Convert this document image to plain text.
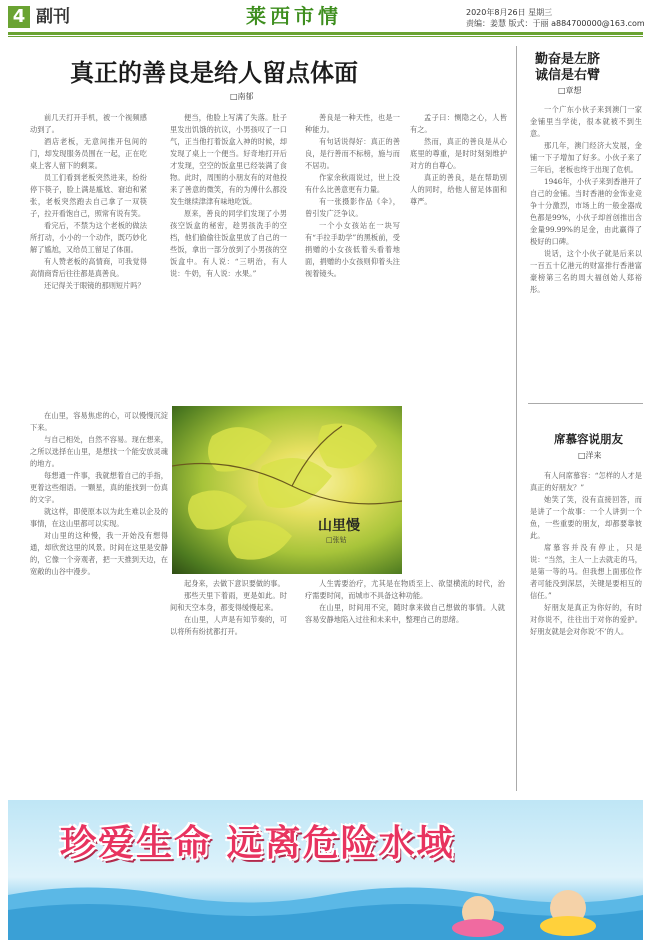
4 副刊	莱西市情	2020年8月26日 星期三
责编：姜慧 版式：于丽 a884700000@163.com
真正的善良是给人留点体面
□南郁

前几天打开手机，被一个视频感动到了。

酒店老板，无意间推开包间的门，却发现服务员围在一起，正在吃桌上客人留下的剩菜。

员工们看到老板突然进来，纷纷停下筷子，脸上满是尴尬、窘迫和紧张，老板突然跑去自己拿了一双筷子，拉开看饱自己，照常有说有笑。

看完后，不禁为这个老板的做法所打动，小小的一个动作，既巧妙化解了尴尬，又给员工留足了体面。

有人赞老板的高情商，可我觉得高情商背后往往都是真善良。

还记得关于眼镜的那则短片吗？

便当，他脸上写满了失落。肚子里发出饥饿的抗议，小男孩叹了一口气，正当他打着饭盒入神的时候，却发现了桌上一个便当。好奇地打开后才发现，空空的饭盒里已经装满了食物。此时，周围的小朋友有的对他投来了善意的微笑，有的为傅什么都没发生继续津津有味地吃饭。

原来，善良的同学们发现了小男孩空饭盒的秘密，趁男孩洗手的空档，他们偷偷往饭盒里放了自己的一些饭，拿出一部分放到了小男孩的空饭盒中。有人说：“三明治，有人说：牛奶，有人说：水果。”

善良是一种天性，也是一种能力。

有句话说得好：真正的善良，是行善而不标榜，施与而不居功。

作家余秋雨说过，世上没有什么比善意更有力量。

有一张摄影作品《伞》，曾引发广泛争议。

一个小女孩站在一块写有“手拉手助学”的黑板前，受捐赠的小女孩低着头看着地面，捐赠的小女孩则仰着头注视着镜头。

孟子曰：恻隐之心，人皆有之。

然而，真正的善良是从心底里的尊重，是时时刻刻维护对方的自尊心。

真正的善良，是在帮助别人的同时，给他人留足体面和尊严。

在山里，容易焦虑的心，可以慢慢沉淀下来。

与自己相处，自然不容易。现在想来，之所以选择在山里，是想找一个能安放灵魂的地方。

每想通一件事，我就想着自己的手指，更着这些细语。一颗星，真的能找到一份真的文字。

就这样，即使原本以为此生难以企及的事情，在这山里都可以实现。

对山里的这种慢，我一开始没有想得通，却欣赏这里的风景。时间在这里是安静的，它像一个旁观者，把一天推到天边，在宽敞的山谷中漫步。

起身来，去做下意识要做的事。

那些天里下着雨，更是如此。时间和天空本身，都变得缓慢起来。

在山里，人声是有知节奏的，可以将所有纷扰都打开。

人生需要治疗，尤其是在物质至上、欲望横流的时代，治疗需要时间，而城市不具备这种功能。

在山里，时间用不完，随时拿来做自己想做的事情。人就容易安静地陷入过往和未来中，整理自己的思绪。

山里慢
□张钻
勤奋是左脐
诚信是右臂
□章想

一个广东小伙子来到澳门一家金铺里当学徒，很本就被不到生意。

那几年，澳门经济大发展，金铺一下子增加了好多。小伙子来了三年后，老板也终于出现了危机。

1946年，小伙子来到香港开了自己的金铺。当时香港的金饰业竞争十分激烈，市场上的一般金器成色都是99%，小伙子却首创推出含金量99.99%的足金，由此赢得了极好的口碑。

说话，这个小伙子就是后来以一百五十亿港元的财富排行香港富豪榜第三名的周大福创始人郑裕彤。

席慕容说朋友
□洋来

有人问席慕容：“怎样的人才是真正的好朋友？”

她笑了笑，没有直接回答，而是讲了一个故事：一个人讲到一个鱼，一些重要的朋友，却都要靠彼此。

席慕容并没有停止，只是说：“当然，主人一上去就走的马，是第一等的马。但我想上面那位作者可能没到深层，关键是要相互的信任。”

好朋友是真正为你好的，有时对你说不，往往出于对你的爱护。好朋友就是会对你说‘不’的人。

珍爱生命 远离危险水域
